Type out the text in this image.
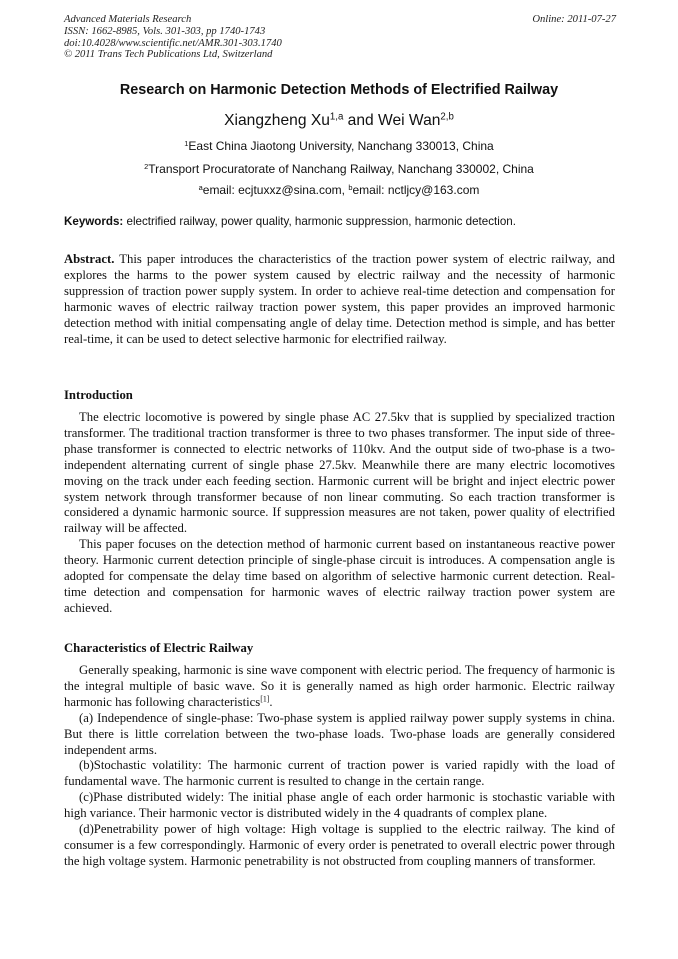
Advanced Materials Research
ISSN: 1662-8985, Vols. 301-303, pp 1740-1743
doi:10.4028/www.scientific.net/AMR.301-303.1740
© 2011 Trans Tech Publications Ltd, Switzerland
Online: 2011-07-27
Research on Harmonic Detection Methods of Electrified Railway
Xiangzheng Xu$^{1,a}$ and Wei Wan$^{2,b}$
$^1$East China Jiaotong University, Nanchang 330013, China
$^2$Transport Procuratorate of Nanchang Railway, Nanchang 330002, China
$^a$email: ecjtuxxz@sina.com, $^b$email: nctljcy@163.com
Keywords: electrified railway, power quality, harmonic suppression, harmonic detection.

Abstract. This paper introduces the characteristics of the traction power system of electric railway, and explores the harms to the power system caused by electric railway and the necessity of harmonic suppression of traction power supply system. In order to achieve real-time detection and compensation for harmonic waves of electric railway traction power system, this paper provides an improved harmonic detection method with initial compensating angle of delay time. Detection method is simple, and has better real-time, it can be used to detect selective harmonic for electrified railway.

Introduction

The electric locomotive is powered by single phase AC 27.5kv that is supplied by specialized traction transformer. The traditional traction transformer is three to two phases transformer. The input side of three-phase transformer is connected to electric networks of 110kv. And the output side of two-phase is a two-independent alternating current of single phase 27.5kv. Meanwhile there are many electric locomotives moving on the track under each feeding section. Harmonic current will be bright and inject electric power system network through transformer because of non linear commuting. So each traction transformer is considered a dynamic harmonic source. If suppression measures are not taken, power quality of electrified railway will be affected.

This paper focuses on the detection method of harmonic current based on instantaneous reactive power theory. Harmonic current detection principle of single-phase circuit is introduces. A compensation angle is adopted for compensate the delay time based on algorithm of selective harmonic current detection. Real-time detection and compensation for harmonic waves of electric railway traction power system are achieved.

Characteristics of Electric Railway

Generally speaking, harmonic is sine wave component with electric period. The frequency of harmonic is the integral multiple of basic wave. So it is generally named as high order harmonic. Electric railway harmonic has following characteristics[1].

(a) Independence of single-phase: Two-phase system is applied railway power supply systems in china. But there is little correlation between the two-phase loads. Two-phase loads are generally considered independent arms.

(b)Stochastic volatility: The harmonic current of traction power is varied rapidly with the load of fundamental wave. The harmonic current is resulted to change in the certain range.

(c)Phase distributed widely: The initial phase angle of each order harmonic is stochastic variable with high variance. Their harmonic vector is distributed widely in the 4 quadrants of complex plane.

(d)Penetrability power of high voltage: High voltage is supplied to the electric railway. The kind of consumer is a few correspondingly. Harmonic of every order is penetrated to overall electric power through the high voltage system. Harmonic penetrability is not obstructed from coupling manners of transformer.
